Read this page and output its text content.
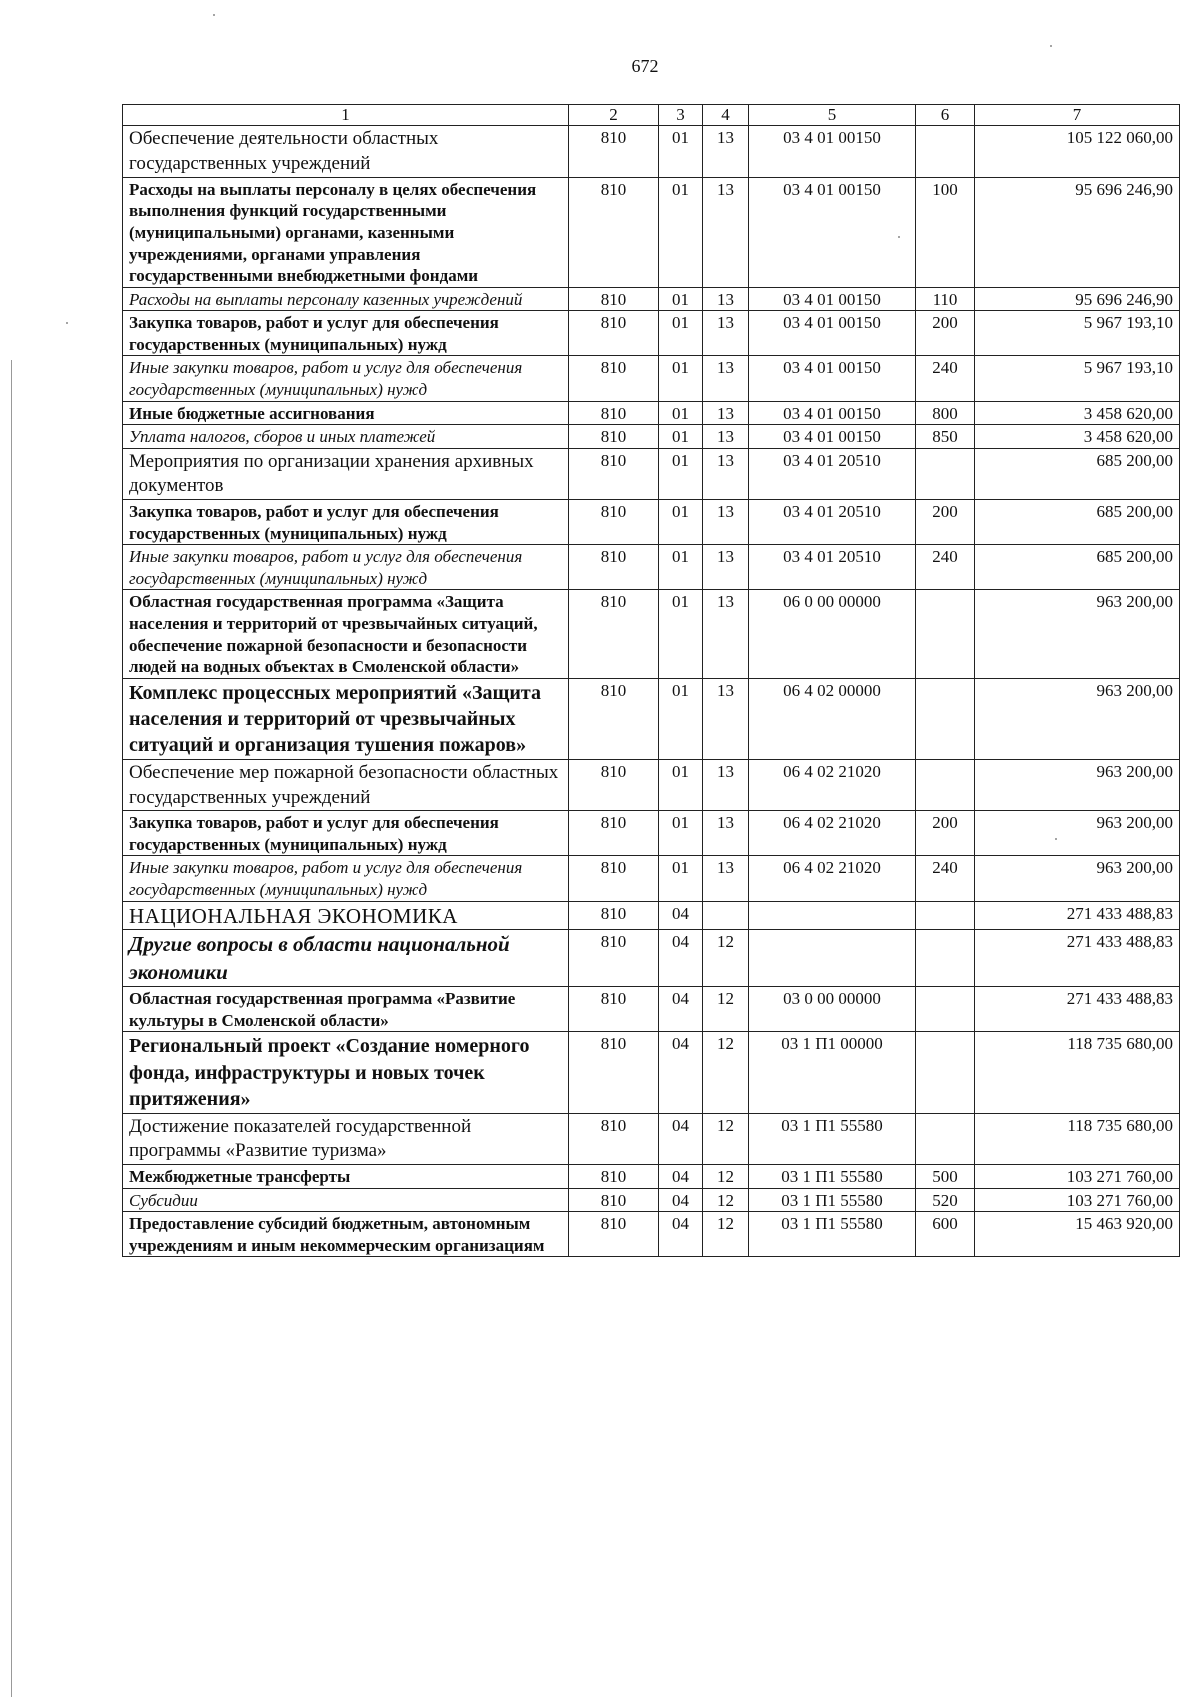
672
1	2	3	4	5	6	7
Обеспечение деятельности областных государственных учреждений	810	01	13	03 4 01 00150		105 122 060,00
Расходы на выплаты персоналу в целях обеспечения выполнения функций государственными (муниципальными) органами, казенными учреждениями, органами управления государственными внебюджетными фондами	810	01	13	03 4 01 00150	100	95 696 246,90
Расходы на выплаты персоналу казенных учреждений	810	01	13	03 4 01 00150	110	95 696 246,90
Закупка товаров, работ и услуг для обеспечения государственных (муниципальных) нужд	810	01	13	03 4 01 00150	200	5 967 193,10
Иные закупки товаров, работ и услуг для обеспечения государственных (муниципальных) нужд	810	01	13	03 4 01 00150	240	5 967 193,10
Иные бюджетные ассигнования	810	01	13	03 4 01 00150	800	3 458 620,00
Уплата налогов, сборов и иных платежей	810	01	13	03 4 01 00150	850	3 458 620,00
Мероприятия по организации хранения архивных документов	810	01	13	03 4 01 20510		685 200,00
Закупка товаров, работ и услуг для обеспечения государственных (муниципальных) нужд	810	01	13	03 4 01 20510	200	685 200,00
Иные закупки товаров, работ и услуг для обеспечения государственных (муниципальных) нужд	810	01	13	03 4 01 20510	240	685 200,00
Областная государственная программа «Защита населения и территорий от чрезвычайных ситуаций, обеспечение пожарной безопасности и безопасности людей на водных объектах в Смоленской области»	810	01	13	06 0 00 00000		963 200,00
Комплекс процессных мероприятий «Защита населения и территорий от чрезвычайных ситуаций и организация тушения пожаров»	810	01	13	06 4 02 00000		963 200,00
Обеспечение мер пожарной безопасности областных государственных учреждений	810	01	13	06 4 02 21020		963 200,00
Закупка товаров, работ и услуг для обеспечения государственных (муниципальных) нужд	810	01	13	06 4 02 21020	200	963 200,00
Иные закупки товаров, работ и услуг для обеспечения государственных (муниципальных) нужд	810	01	13	06 4 02 21020	240	963 200,00
НАЦИОНАЛЬНАЯ ЭКОНОМИКА	810	04				271 433 488,83
Другие вопросы в области национальной экономики	810	04	12			271 433 488,83
Областная государственная программа «Развитие культуры в Смоленской области»	810	04	12	03 0 00 00000		271 433 488,83
Региональный проект «Создание номерного фонда, инфраструктуры и новых точек притяжения»	810	04	12	03 1 П1 00000		118 735 680,00
Достижение показателей государственной программы «Развитие туризма»	810	04	12	03 1 П1 55580		118 735 680,00
Межбюджетные трансферты	810	04	12	03 1 П1 55580	500	103 271 760,00
Субсидии	810	04	12	03 1 П1 55580	520	103 271 760,00
Предоставление субсидий бюджетным, автономным учреждениям и иным некоммерческим организациям	810	04	12	03 1 П1 55580	600	15 463 920,00
